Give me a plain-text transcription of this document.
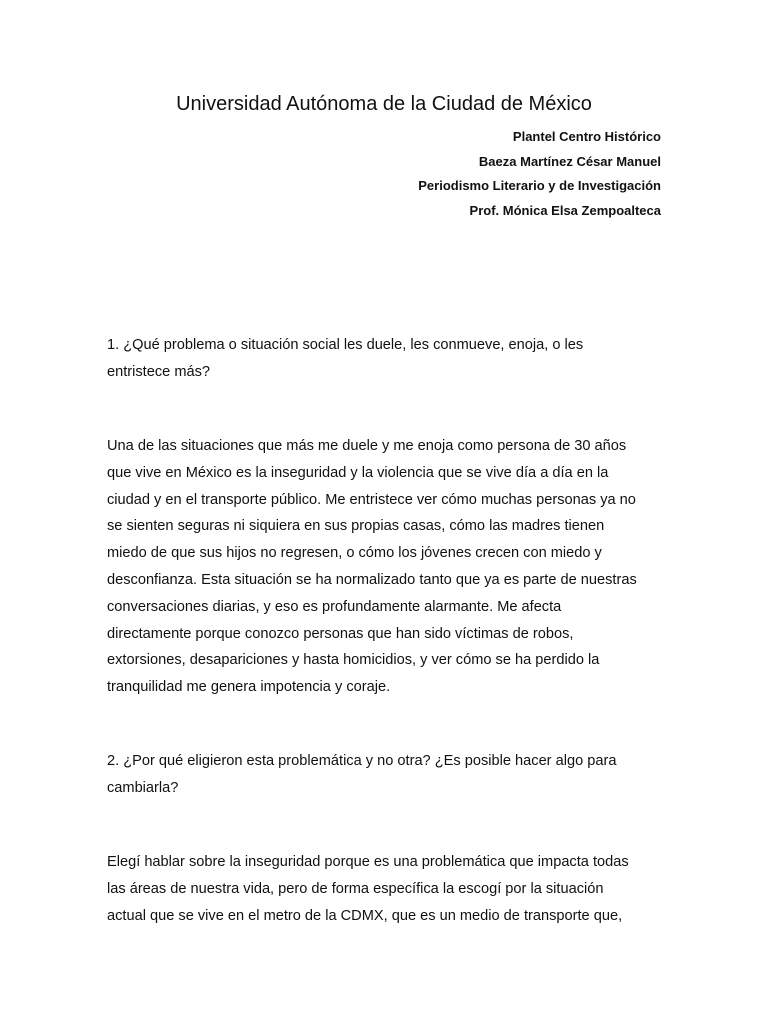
Universidad Autónoma de la Ciudad de México
Plantel Centro Histórico
Baeza Martínez César Manuel
Periodismo Literario y de Investigación
Prof. Mónica Elsa Zempoalteca

1. ¿Qué problema o situación social les duele, les conmueve, enoja, o les
entristece más?

Una de las situaciones que más me duele y me enoja como persona de 30 años
que vive en México es la inseguridad y la violencia que se vive día a día en la
ciudad y en el transporte público. Me entristece ver cómo muchas personas ya no
se sienten seguras ni siquiera en sus propias casas, cómo las madres tienen
miedo de que sus hijos no regresen, o cómo los jóvenes crecen con miedo y
desconfianza. Esta situación se ha normalizado tanto que ya es parte de nuestras
conversaciones diarias, y eso es profundamente alarmante. Me afecta
directamente porque conozco personas que han sido víctimas de robos,
extorsiones, desapariciones y hasta homicidios, y ver cómo se ha perdido la
tranquilidad me genera impotencia y coraje.

2. ¿Por qué eligieron esta problemática y no otra? ¿Es posible hacer algo para
cambiarla?

Elegí hablar sobre la inseguridad porque es una problemática que impacta todas
las áreas de nuestra vida, pero de forma específica la escogí por la situación
actual que se vive en el metro de la CDMX, que es un medio de transporte que,
